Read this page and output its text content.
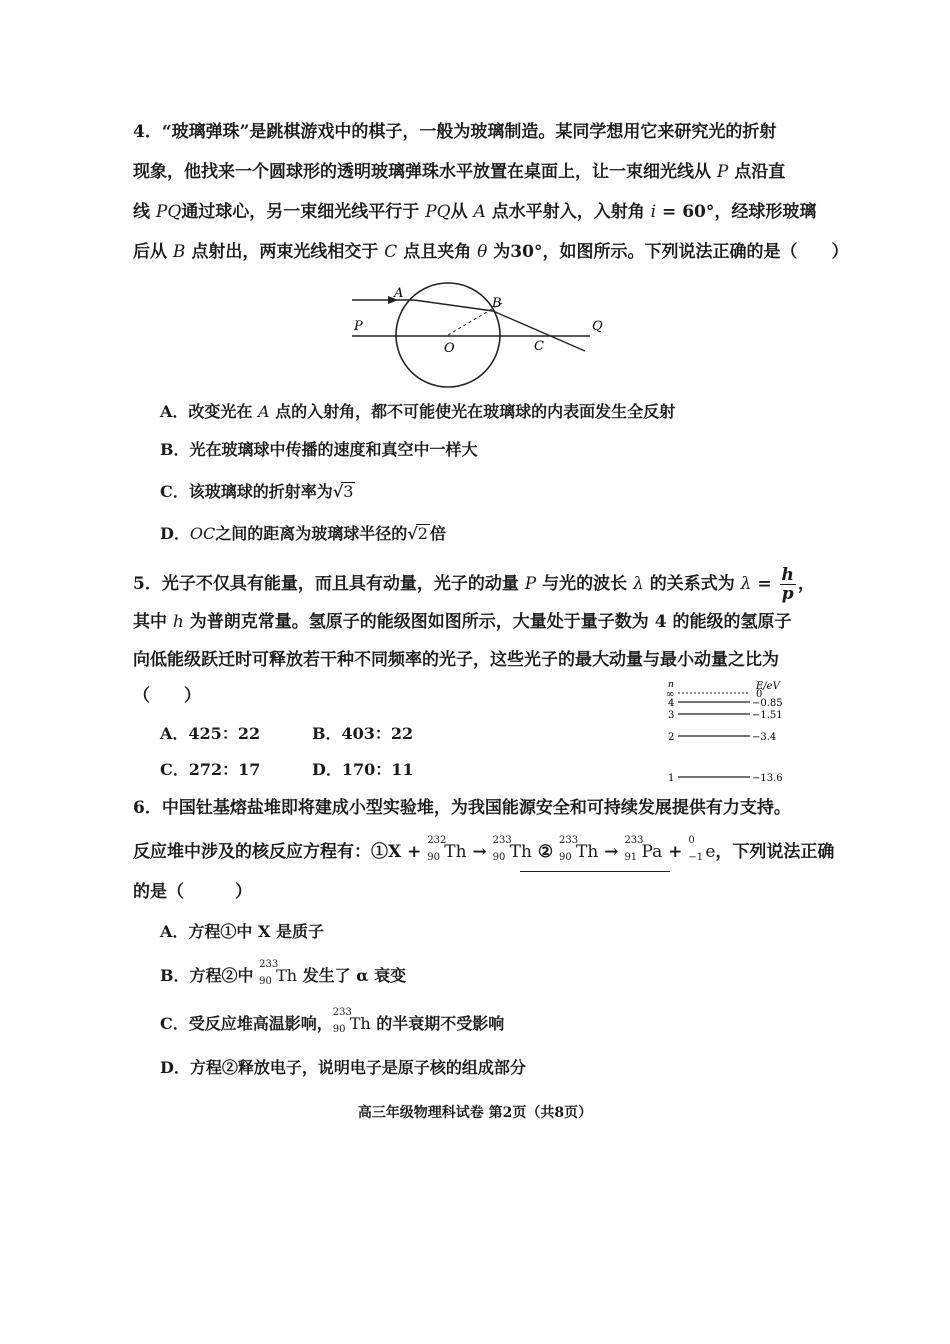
4．“玻璃弹珠”是跳棋游戏中的棋子，一般为玻璃制造。某同学想用它来研究光的折射
现象，他找来一个圆球形的透明玻璃弹珠水平放置在桌面上，让一束细光线从 P 点沿直
线 PQ通过球心，另一束细光线平行于 PQ从 A 点水平射入，入射角 i = 60°，经球形玻璃
后从 B 点射出，两束光线相交于 C 点且夹角 θ 为30°，如图所示。下列说法正确的是（　　）
A
B
O
P	Q
C
A．改变光在 A 点的入射角，都不可能使光在玻璃球的内表面发生全反射
B．光在玻璃球中传播的速度和真空中一样大
C．该玻璃球的折射率为√3
D．OC之间的距离为玻璃球半径的√2 倍
5．光子不仅具有能量，而且具有动量，光子的动量 P 与光的波长 λ 的关系式为 $\lambda = \frac{h}{p}$ ，
其中 h 为普朗克常量。氢原子的能级图如图所示，大量处于量子数为 4 的能级的氢原子
向低能级跃迁时可释放若干种不同频率的光子，这些光子的最大动量与最小动量之比为
（　　）
n	E/eV
∞	0
4	−0.85
3	−1.51
2	−3.4
1	−13.6
A．425：22	B．403：22
C．272：17	D．170：11
6．中国钍基熔盐堆即将建成小型实验堆，为我国能源安全和可持续发展提供有力支持。
反应堆中涉及的核反应方程有：①X +
232
90 Th →
233
90 Th ②
233
90 Th →
233
91 Pa +
0
−1 e，下列说法正确
的是（　　　）
A．方程①中 X 是质子
B．方程②中
233
90 Th 发生了 α 衰变
C．受反应堆高温影响，
233
90 Th 的半衰期不受影响
D．方程②释放电子，说明电子是原子核的组成部分
高三年级物理科试卷 第2页（共8页）
